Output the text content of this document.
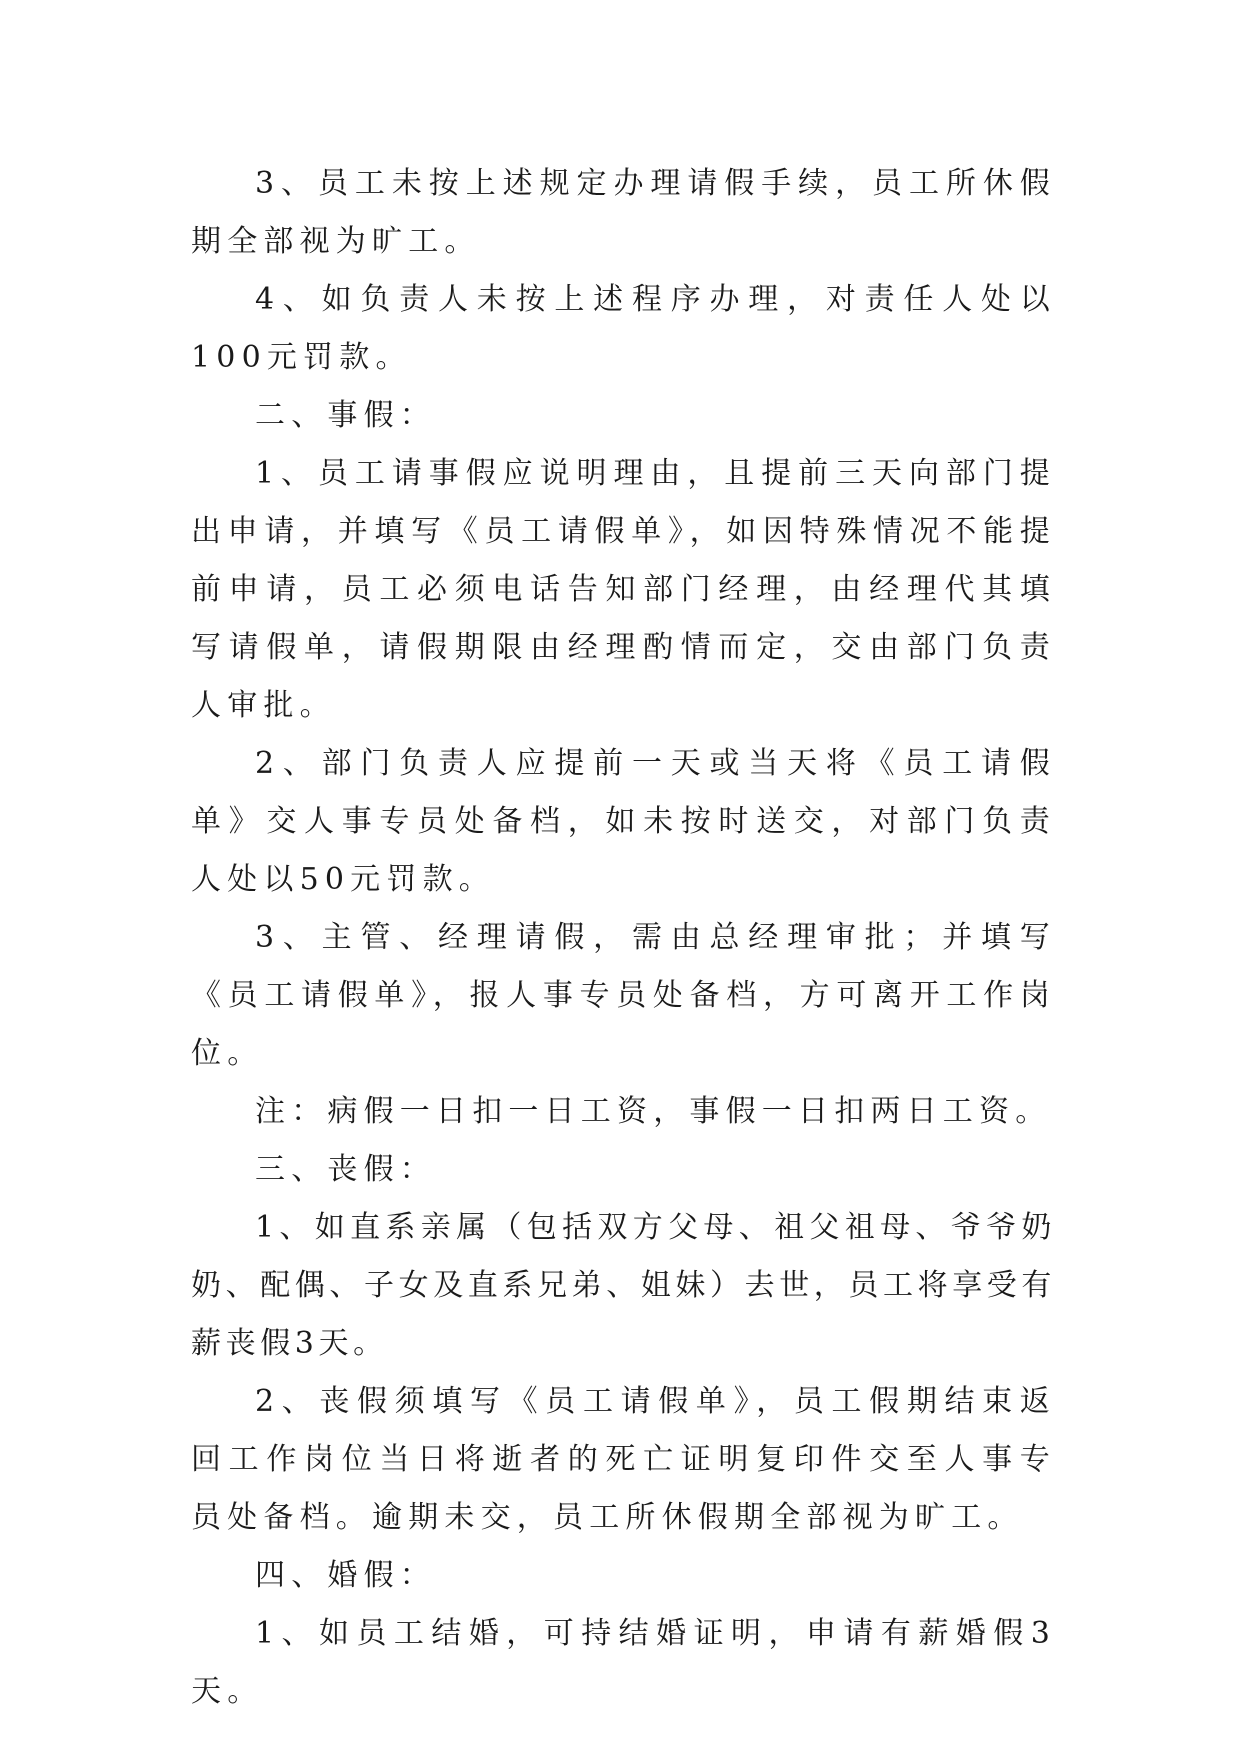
3、员工未按上述规定办理请假手续，员工所休假期全部视为旷工。

4、如负责人未按上述程序办理，对责任人处以100元罚款。

二、事假：

1、员工请事假应说明理由，且提前三天向部门提出申请，并填写《员工请假单》，如因特殊情况不能提前申请，员工必须电话告知部门经理，由经理代其填写请假单，请假期限由经理酌情而定，交由部门负责人审批。

2、部门负责人应提前一天或当天将《员工请假单》交人事专员处备档，如未按时送交，对部门负责人处以50元罚款。

3、主管、经理请假，需由总经理审批；并填写《员工请假单》，报人事专员处备档，方可离开工作岗位。

注：病假一日扣一日工资，事假一日扣两日工资。

三、丧假：

1、如直系亲属（包括双方父母、祖父祖母、爷爷奶奶、配偶、子女及直系兄弟、姐妹）去世，员工将享受有薪丧假3天。

2、丧假须填写《员工请假单》，员工假期结束返回工作岗位当日将逝者的死亡证明复印件交至人事专员处备档。逾期未交，员工所休假期全部视为旷工。

四、婚假：

1、如员工结婚，可持结婚证明，申请有薪婚假3天。
